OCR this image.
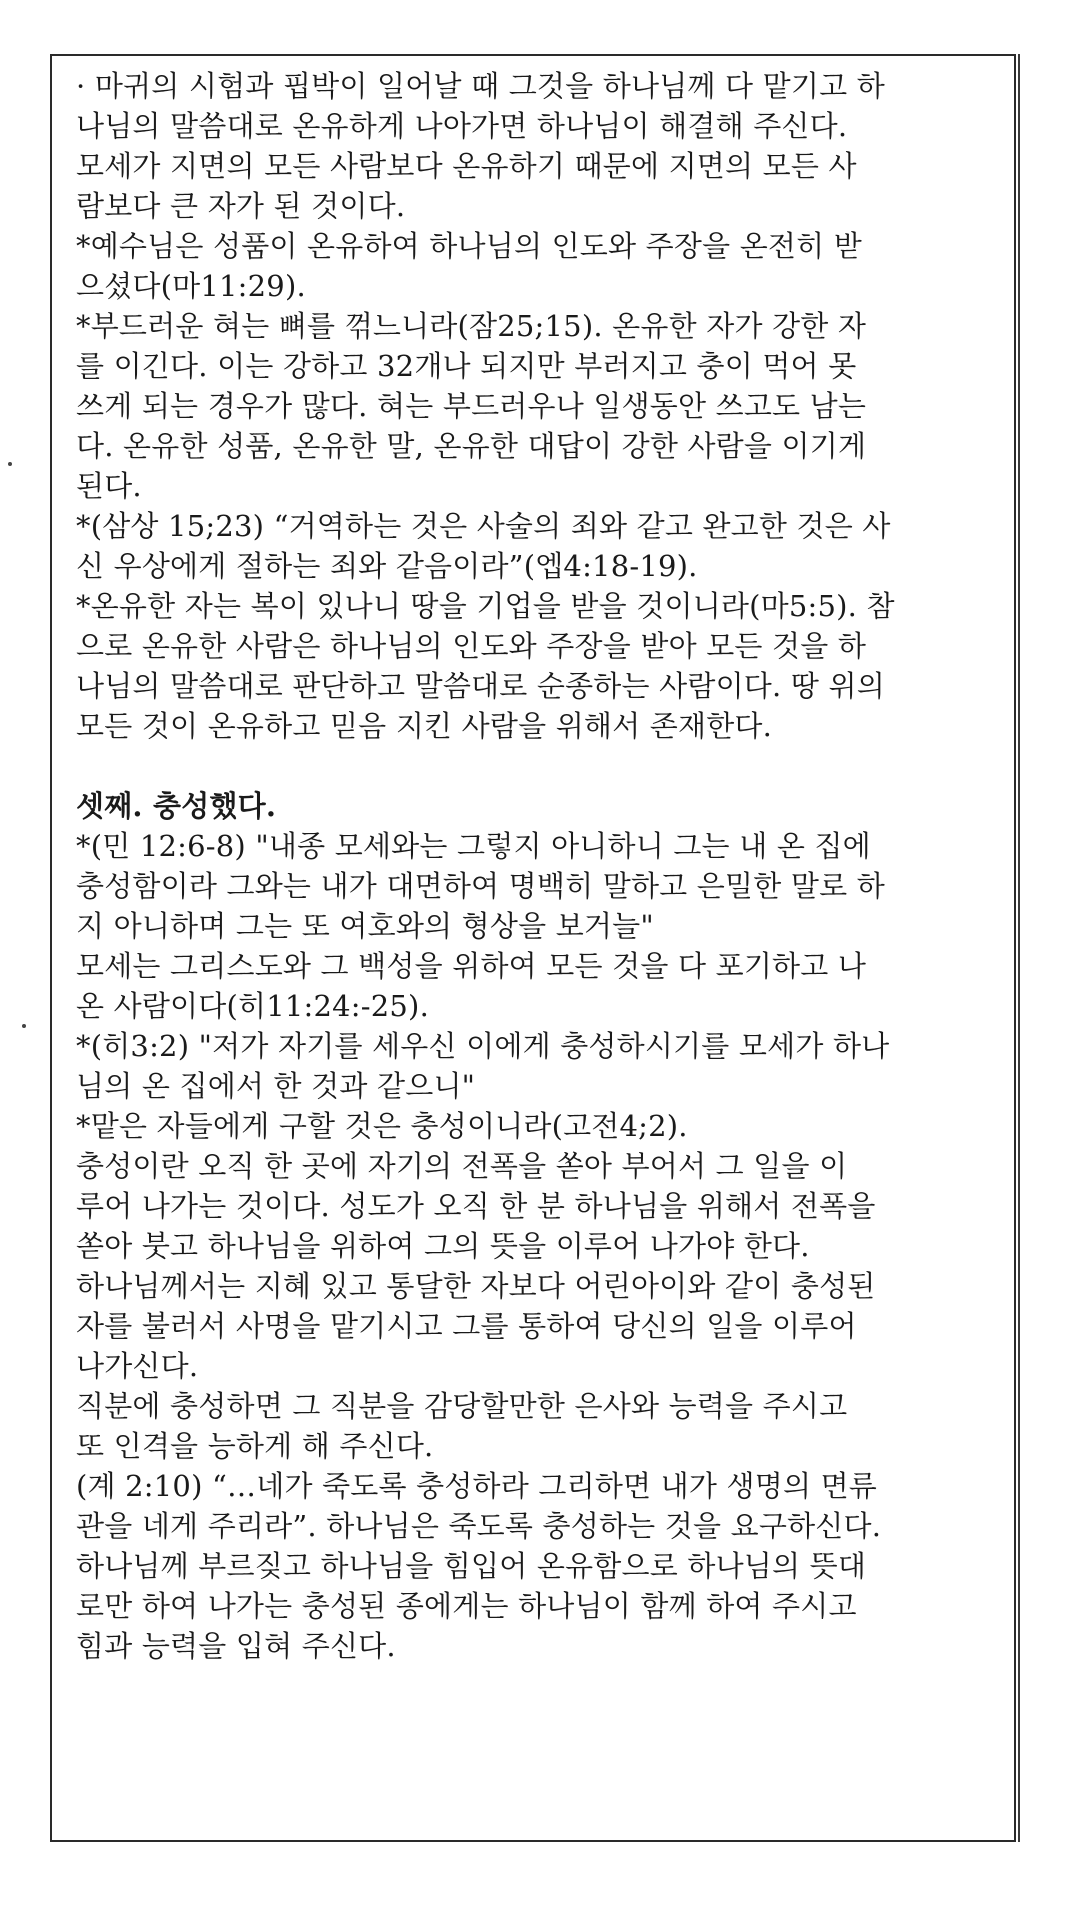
· 마귀의 시험과 핍박이 일어날 때 그것을 하나님께 다 맡기고 하
나님의 말씀대로 온유하게 나아가면 하나님이 해결해 주신다.
모세가 지면의 모든 사람보다 온유하기 때문에 지면의 모든 사
람보다 큰 자가 된 것이다.
*예수님은 성품이 온유하여 하나님의 인도와 주장을 온전히 받
으셨다(마11:29).
*부드러운 혀는 뼈를 꺾느니라(잠25;15). 온유한 자가 강한 자
를 이긴다. 이는 강하고 32개나 되지만 부러지고 충이 먹어 못
쓰게 되는 경우가 많다. 혀는 부드러우나 일생동안 쓰고도 남는
다. 온유한 성품, 온유한 말, 온유한 대답이 강한 사람을 이기게
된다.
*(삼상 15;23) “거역하는 것은 사술의 죄와 같고 완고한 것은 사
신 우상에게 절하는 죄와 같음이라”(엡4:18-19).
*온유한 자는 복이 있나니 땅을 기업을 받을 것이니라(마5:5). 참
으로 온유한 사람은 하나님의 인도와 주장을 받아 모든 것을 하
나님의 말씀대로 판단하고 말씀대로 순종하는 사람이다. 땅 위의
모든 것이 온유하고 믿음 지킨 사람을 위해서 존재한다.
셋째. 충성했다.
*(민 12:6-8) "내종 모세와는 그렇지 아니하니 그는 내 온 집에
충성함이라 그와는 내가 대면하여 명백히 말하고 은밀한 말로 하
지 아니하며 그는 또 여호와의 형상을 보거늘"
모세는 그리스도와 그 백성을 위하여 모든 것을 다 포기하고 나
온 사람이다(히11:24:-25).
*(히3:2) "저가 자기를 세우신 이에게 충성하시기를 모세가 하나
님의 온 집에서 한 것과 같으니"
*맡은 자들에게 구할 것은 충성이니라(고전4;2).
충성이란 오직 한 곳에 자기의 전폭을 쏟아 부어서 그 일을 이
루어 나가는 것이다. 성도가 오직 한 분 하나님을 위해서 전폭을
쏟아 붓고 하나님을 위하여 그의 뜻을 이루어 나가야 한다.
하나님께서는 지혜 있고 통달한 자보다 어린아이와 같이 충성된
자를 불러서 사명을 맡기시고 그를 통하여 당신의 일을 이루어
나가신다.
직분에 충성하면 그 직분을 감당할만한 은사와 능력을 주시고
또 인격을 능하게 해 주신다.
(계 2:10) “…네가 죽도록 충성하라 그리하면 내가 생명의 면류
관을 네게 주리라”. 하나님은 죽도록 충성하는 것을 요구하신다.
하나님께 부르짖고 하나님을 힘입어 온유함으로 하나님의 뜻대
로만 하여 나가는 충성된 종에게는 하나님이 함께 하여 주시고
힘과 능력을 입혀 주신다.
